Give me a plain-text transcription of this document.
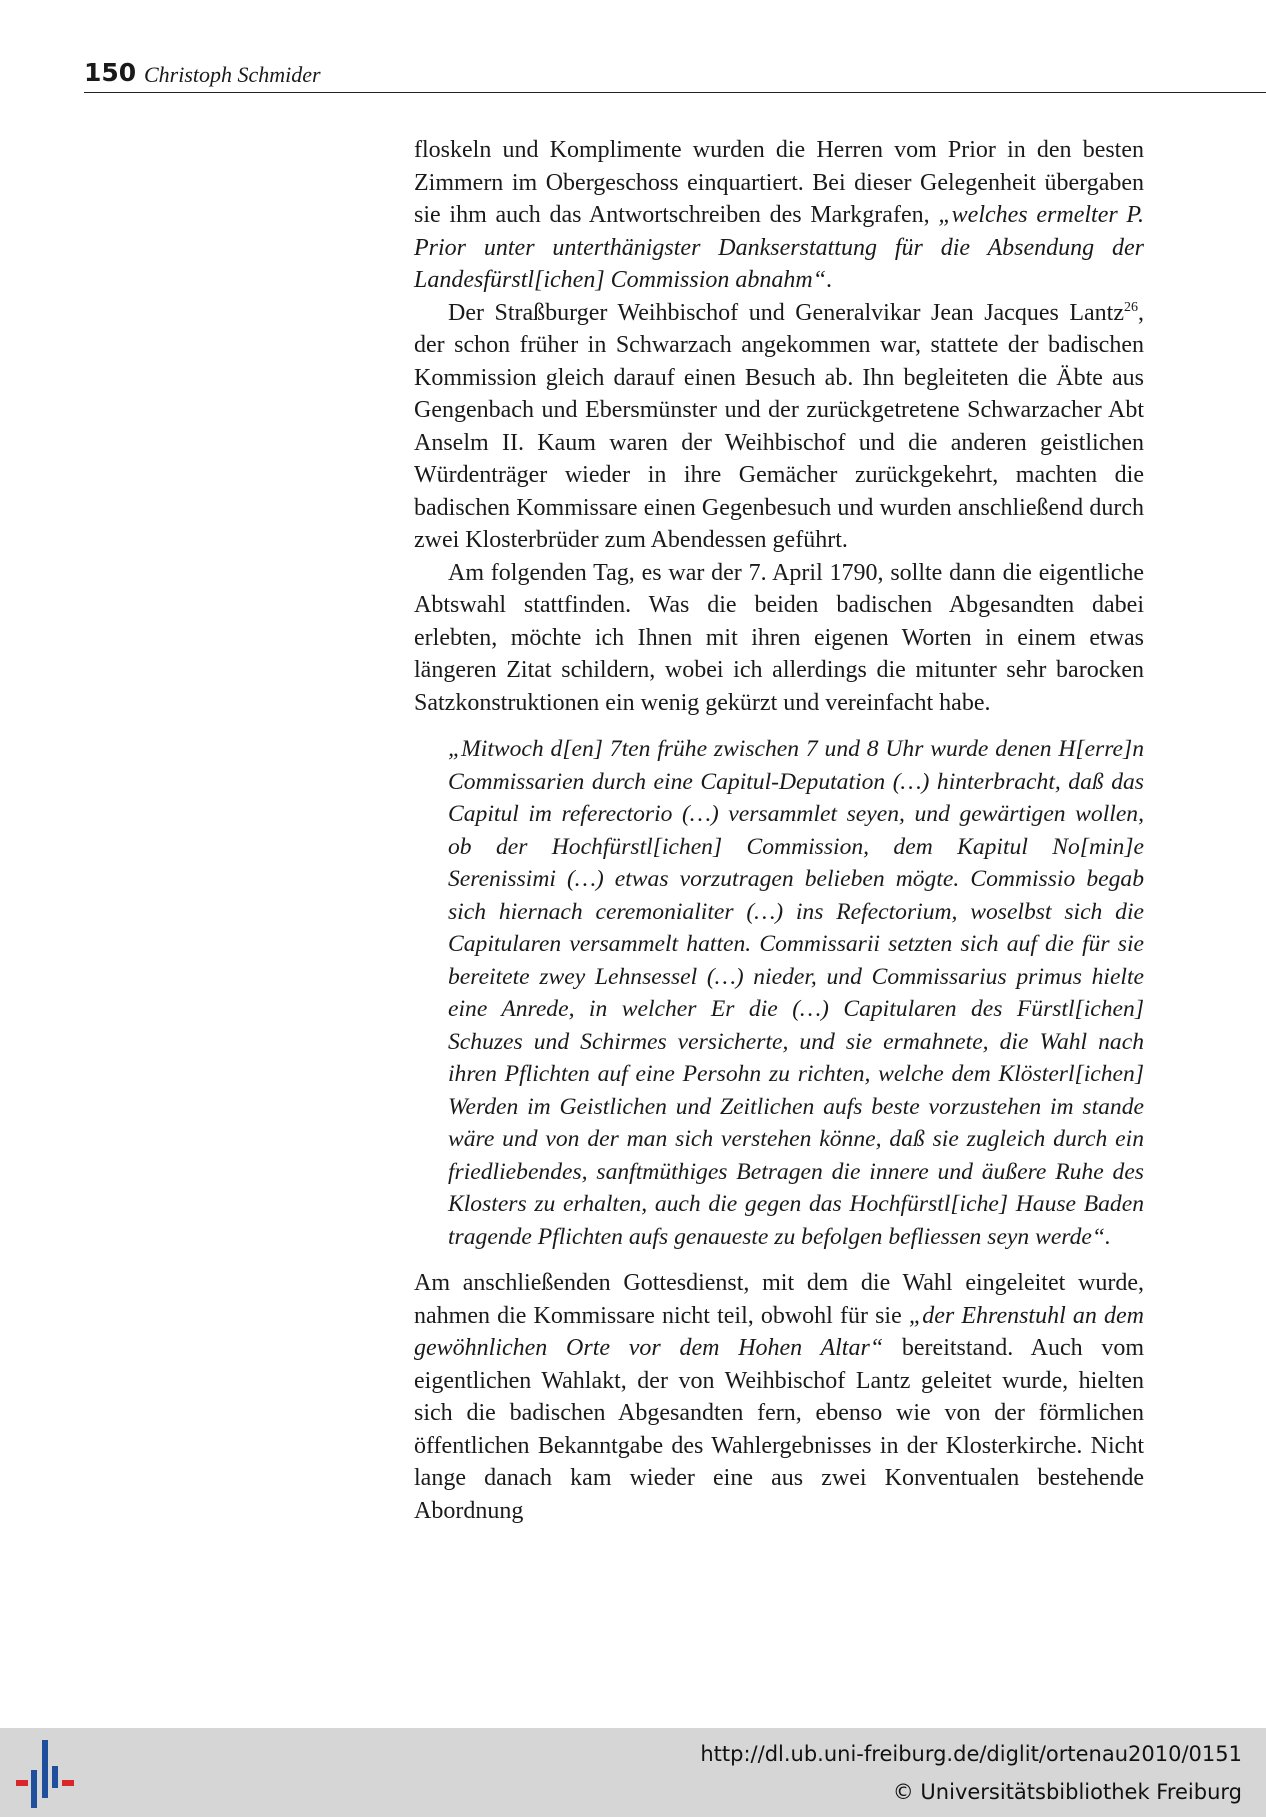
150 Christoph Schmider

floskeln und Komplimente wurden die Herren vom Prior in den besten Zimmern im Obergeschoss einquartiert. Bei dieser Gelegenheit übergaben sie ihm auch das Antwortschreiben des Markgrafen, „welches ermelter P. Prior unter unterthänigster Dankserstattung für die Absendung der Landesfürstl[ichen] Commission abnahm“.

Der Straßburger Weihbischof und Generalvikar Jean Jacques Lantz$^{26}$, der schon früher in Schwarzach angekommen war, stattete der badischen Kommission gleich darauf einen Besuch ab. Ihn begleiteten die Äbte aus Gengenbach und Ebersmünster und der zurückgetretene Schwarzacher Abt Anselm II. Kaum waren der Weihbischof und die anderen geistlichen Würdenträger wieder in ihre Gemächer zurückgekehrt, machten die badischen Kommissare einen Gegenbesuch und wurden anschließend durch zwei Klosterbrüder zum Abendessen geführt.

Am folgenden Tag, es war der 7. April 1790, sollte dann die eigentliche Abtswahl stattfinden. Was die beiden badischen Abgesandten dabei erlebten, möchte ich Ihnen mit ihren eigenen Worten in einem etwas längeren Zitat schildern, wobei ich allerdings die mitunter sehr barocken Satzkonstruktionen ein wenig gekürzt und vereinfacht habe.

„Mitwoch d[en] 7ten frühe zwischen 7 und 8 Uhr wurde denen H[erre]n Commissarien durch eine Capitul-Deputation (…) hinterbracht, daß das Capitul im referectorio (…) versammlet seyen, und gewärtigen wollen, ob der Hochfürstl[ichen] Commission, dem Kapitul No[min]e Serenissimi (…) etwas vorzutragen belieben mögte. Commissio begab sich hiernach ceremonialiter (…) ins Refectorium, woselbst sich die Capitularen versammelt hatten. Commissarii setzten sich auf die für sie bereitete zwey Lehnsessel (…) nieder, und Commissarius primus hielte eine Anrede, in welcher Er die (…) Capitularen des Fürstl[ichen] Schuzes und Schirmes versicherte, und sie ermahnete, die Wahl nach ihren Pflichten auf eine Persohn zu richten, welche dem Klösterl[ichen] Werden im Geistlichen und Zeitlichen aufs beste vorzustehen im stande wäre und von der man sich verstehen könne, daß sie zugleich durch ein friedliebendes, sanftmüthiges Betragen die innere und äußere Ruhe des Klosters zu erhalten, auch die gegen das Hochfürstl[iche] Hause Baden tragende Pflichten aufs genaueste zu befolgen befliessen seyn werde“.

Am anschließenden Gottesdienst, mit dem die Wahl eingeleitet wurde, nahmen die Kommissare nicht teil, obwohl für sie „der Ehrenstuhl an dem gewöhnlichen Orte vor dem Hohen Altar“ bereitstand. Auch vom eigentlichen Wahlakt, der von Weihbischof Lantz geleitet wurde, hielten sich die badischen Abgesandten fern, ebenso wie von der förmlichen öffentlichen Bekanntgabe des Wahlergebnisses in der Klosterkirche. Nicht lange danach kam wieder eine aus zwei Konventualen bestehende Abordnung

http://dl.ub.uni-freiburg.de/diglit/ortenau2010/0151
© Universitätsbibliothek Freiburg
